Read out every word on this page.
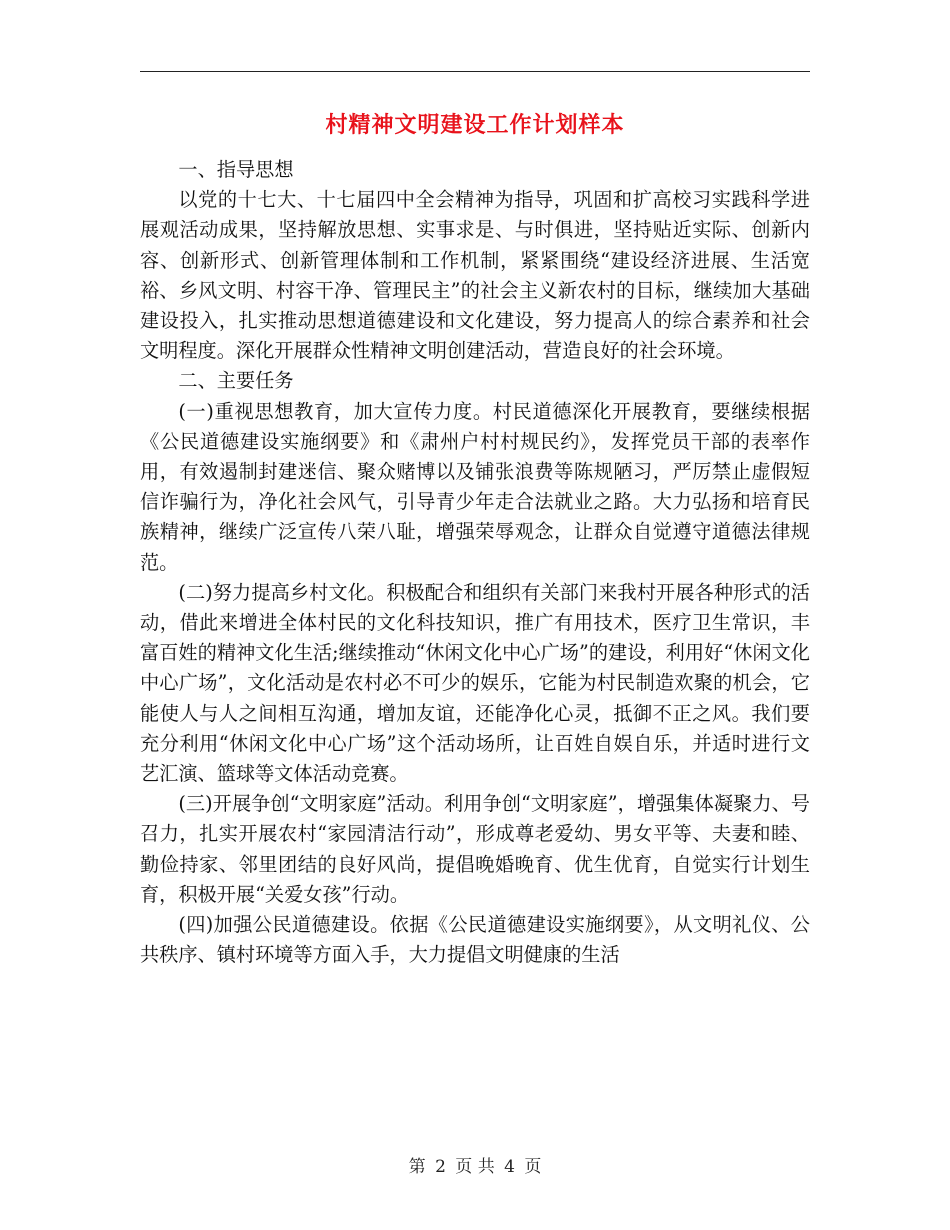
村精神文明建设工作计划样本

一、指导思想

以党的十七大、十七届四中全会精神为指导，巩固和扩高校习实践科学进展观活动成果，坚持解放思想、实事求是、与时俱进，坚持贴近实际、创新内容、创新形式、创新管理体制和工作机制，紧紧围绕“建设经济进展、生活宽裕、乡风文明、村容干净、管理民主”的社会主义新农村的目标，继续加大基础建设投入，扎实推动思想道德建设和文化建设，努力提高人的综合素养和社会文明程度。深化开展群众性精神文明创建活动，营造良好的社会环境。

二、主要任务

(一)重视思想教育，加大宣传力度。村民道德深化开展教育，要继续根据《公民道德建设实施纲要》和《肃州户村村规民约》，发挥党员干部的表率作用，有效遏制封建迷信、聚众赌博以及铺张浪费等陈规陋习，严厉禁止虚假短信诈骗行为，净化社会风气，引导青少年走合法就业之路。大力弘扬和培育民族精神，继续广泛宣传八荣八耻，增强荣辱观念，让群众自觉遵守道德法律规范。

(二)努力提高乡村文化。积极配合和组织有关部门来我村开展各种形式的活动，借此来增进全体村民的文化科技知识，推广有用技术，医疗卫生常识，丰富百姓的精神文化生活;继续推动“休闲文化中心广场”的建设，利用好“休闲文化中心广场”，文化活动是农村必不可少的娱乐，它能为村民制造欢聚的机会，它能使人与人之间相互沟通，增加友谊，还能净化心灵，抵御不正之风。我们要充分利用“休闲文化中心广场”这个活动场所，让百姓自娱自乐，并适时进行文艺汇演、篮球等文体活动竞赛。

(三)开展争创“文明家庭”活动。利用争创“文明家庭”，增强集体凝聚力、号召力，扎实开展农村“家园清洁行动”，形成尊老爱幼、男女平等、夫妻和睦、勤俭持家、邻里团结的良好风尚，提倡晚婚晚育、优生优育，自觉实行计划生育，积极开展“关爱女孩”行动。

(四)加强公民道德建设。依据《公民道德建设实施纲要》，从文明礼仪、公共秩序、镇村环境等方面入手，大力提倡文明健康的生活

第 2 页 共 4 页
